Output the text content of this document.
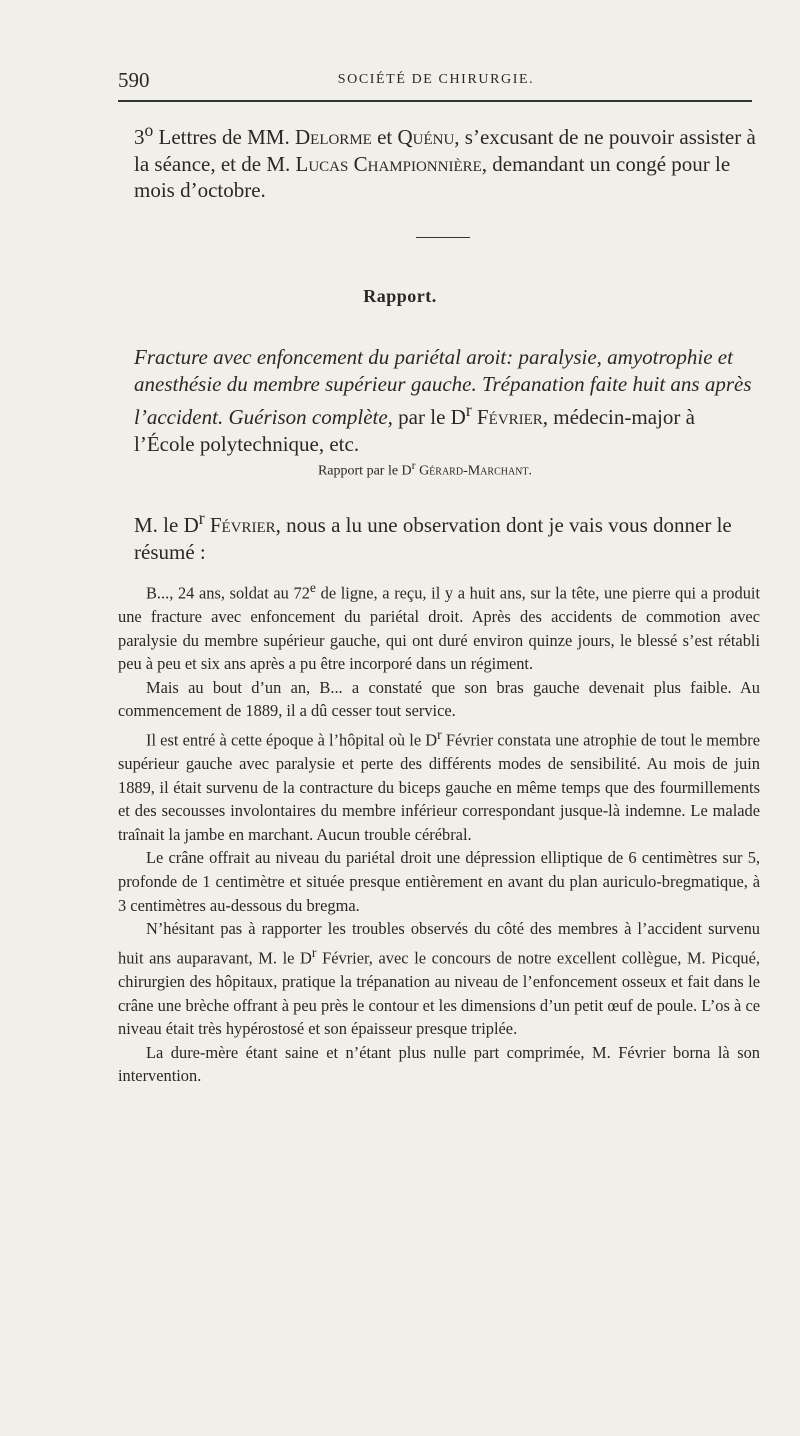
590	SOCIÉTÉ DE CHIRURGIE.
3$^o$ Lettres de MM. Delorme et Quénu, s’excusant de ne pouvoir assister à la séance, et de M. Lucas Championnière, demandant un congé pour le mois d’octobre.
Rapport.
Fracture avec enfoncement du pariétal aroit: paralysie, amyotrophie et anesthésie du membre supérieur gauche. Trépanation faite huit ans après l’accident. Guérison complète, par le $D^r$ Février, médecin-major à l’École polytechnique, etc.
Rapport par le $D^r$ Gérard-Marchant.
M. le $D^r$ Février, nous a lu une observation dont je vais vous donner le résumé :

B..., 24 ans, soldat au 72e de ligne, a reçu, il y a huit ans, sur la tête, une pierre qui a produit une fracture avec enfoncement du pariétal droit. Après des accidents de commotion avec paralysie du membre supérieur gauche, qui ont duré environ quinze jours, le blessé s’est rétabli peu à peu et six ans après a pu être incorporé dans un régiment.

Mais au bout d’un an, B... a constaté que son bras gauche devenait plus faible. Au commencement de 1889, il a dû cesser tout service.

Il est entré à cette époque à l’hôpital où le $D^r$ Février constata une atrophie de tout le membre supérieur gauche avec paralysie et perte des différents modes de sensibilité. Au mois de juin 1889, il était survenu de la contracture du biceps gauche en même temps que des fourmillements et des secousses involontaires du membre inférieur correspondant jusque-là indemne. Le malade traînait la jambe en marchant. Aucun trouble cérébral.

Le crâne offrait au niveau du pariétal droit une dépression elliptique de 6 centimètres sur 5, profonde de 1 centimètre et située presque entièrement en avant du plan auriculo-bregmatique, à 3 centimètres au-dessous du bregma.

N’hésitant pas à rapporter les troubles observés du côté des membres à l’accident survenu huit ans auparavant, M. le $D^r$ Février, avec le concours de notre excellent collègue, M. Picqué, chirurgien des hôpitaux, pratique la trépanation au niveau de l’enfoncement osseux et fait dans le crâne une brèche offrant à peu près le contour et les dimensions d’un petit œuf de poule. L’os à ce niveau était très hypérostosé et son épaisseur presque triplée.

La dure-mère étant saine et n’étant plus nulle part comprimée, M. Février borna là son intervention.
